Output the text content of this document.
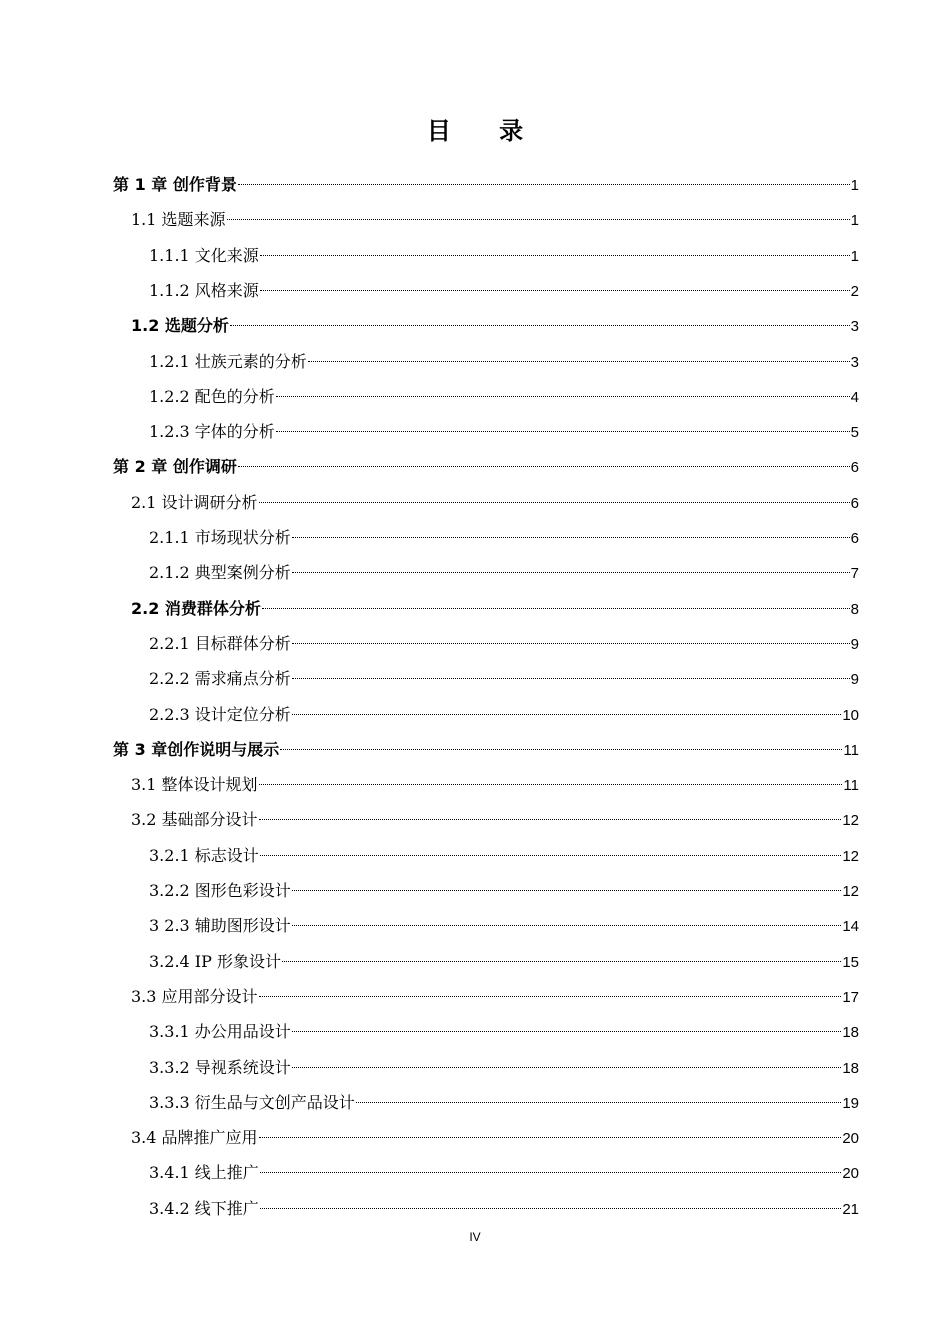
目 录
第 1 章 创作背景	1
1.1 选题来源	1
1.1.1 文化来源	1
1.1.2 风格来源	2
1.2 选题分析	3
1.2.1 壮族元素的分析	3
1.2.2 配色的分析	4
1.2.3 字体的分析	5
第 2 章 创作调研	6
2.1 设计调研分析	6
2.1.1 市场现状分析	6
2.1.2 典型案例分析	7
2.2 消费群体分析	8
2.2.1 目标群体分析	9
2.2.2 需求痛点分析	9
2.2.3 设计定位分析	10
第 3 章创作说明与展示	11
3.1 整体设计规划	11
3.2 基础部分设计	12
3.2.1 标志设计	12
3.2.2 图形色彩设计	12
3 2.3 辅助图形设计	14
3.2.4 IP 形象设计	15
3.3 应用部分设计	17
3.3.1 办公用品设计	18
3.3.2 导视系统设计	18
3.3.3 衍生品与文创产品设计	19
3.4 品牌推广应用	20
3.4.1 线上推广	20
3.4.2 线下推广	21
IV
